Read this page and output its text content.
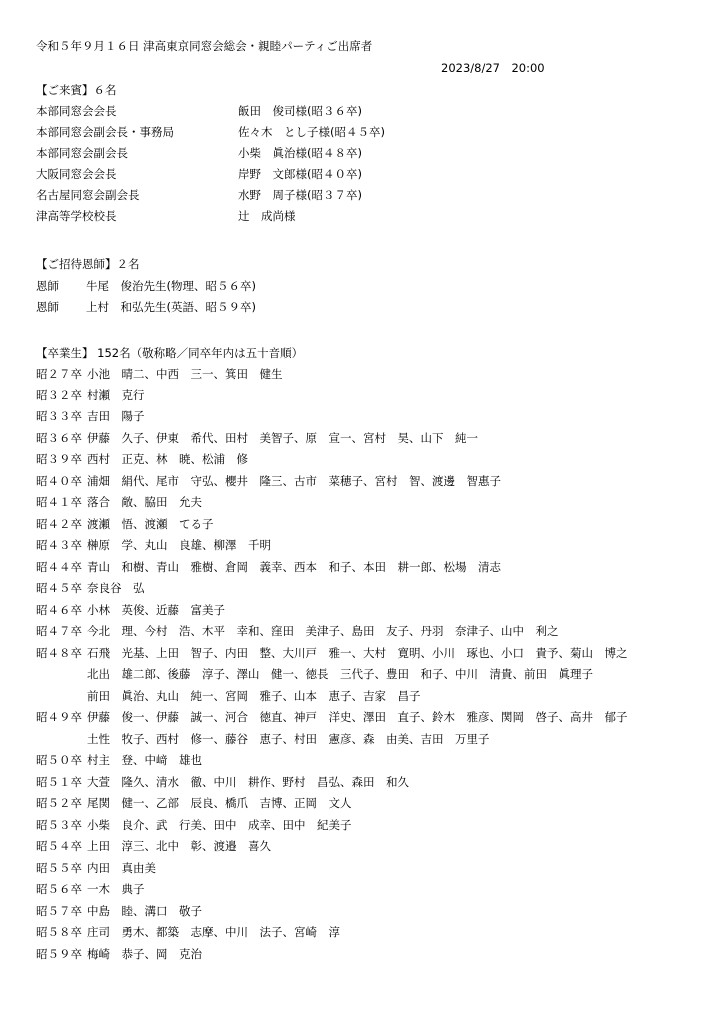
令和５年９月１６日 津高東京同窓会総会・親睦パーティご出席者
2023/8/27　20:00
【ご来賓】６名
本部同窓会会長	飯田　俊司様(昭３６卒)
本部同窓会副会長・事務局	佐々木　とし子様(昭４５卒)
本部同窓会副会長	小柴　眞治様(昭４８卒)
大阪同窓会会長	岸野　文郎様(昭４０卒)
名古屋同窓会副会長	水野　周子様(昭３７卒)
津高等学校校長	辻　成尚様
【ご招待恩師】２名
恩師 牛尾　俊治先生(物理、昭５６卒)
恩師 上村　和弘先生(英語、昭５９卒)
【卒業生】 152名（敬称略／同卒年内は五十音順）
昭２７卒 小池　晴二、中西　三一、箕田　健生
昭３２卒 村瀬　克行
昭３３卒 吉田　陽子
昭３６卒 伊藤　久子、伊東　希代、田村　美智子、原　宣一、宮村　昊、山下　純一
昭３９卒 西村　正克、林　暁、松浦　修
昭４０卒 浦畑　絹代、尾市　守弘、櫻井　隆三、古市　菜穂子、宮村　智、渡邊　智惠子
昭４１卒 落合　敞、脇田　允夫
昭４２卒 渡瀬　悟、渡瀬　てる子
昭４３卒 榊原　学、丸山　良雄、柳澤　千明
昭４４卒 青山　和樹、青山　雅樹、倉岡　義幸、西本　和子、本田　耕一郎、松場　清志
昭４５卒 奈良谷　弘
昭４６卒 小林　英俊、近藤　富美子
昭４７卒 今北　理、今村　浩、木平　幸和、窪田　美津子、島田　友子、丹羽　奈津子、山中　利之
昭４８卒 石飛　光基、上田　智子、内田　整、大川戸　雅一、大村　寛明、小川　琢也、小口　貴予、菊山　博之
北出　雄二郎、後藤　淳子、澤山　健一、徳長　三代子、豊田　和子、中川　清貴、前田　眞理子
前田　眞治、丸山　純一、宮岡　雅子、山本　恵子、吉家　昌子
昭４９卒 伊藤　俊一、伊藤　誠一、河合　徳直、神戸　洋史、澤田　直子、鈴木　雅彦、関岡　啓子、高井　郁子
土性　牧子、西村　修一、藤谷　恵子、村田　憲彦、森　由美、吉田　万里子
昭５０卒 村主　登、中﨑　雄也
昭５１卒 大萱　隆久、清水　徹、中川　耕作、野村　昌弘、森田　和久
昭５２卒 尾関　健一、乙部　辰良、橋爪　吉博、正岡　文人
昭５３卒 小柴　良介、武　行美、田中　成幸、田中　紀美子
昭５４卒 上田　淳三、北中　彰、渡邉　喜久
昭５５卒 内田　真由美
昭５６卒 一木　典子
昭５７卒 中島　睦、溝口　敬子
昭５８卒 庄司　勇木、都築　志摩、中川　法子、宮崎　淳
昭５９卒 梅崎　恭子、岡　克治
